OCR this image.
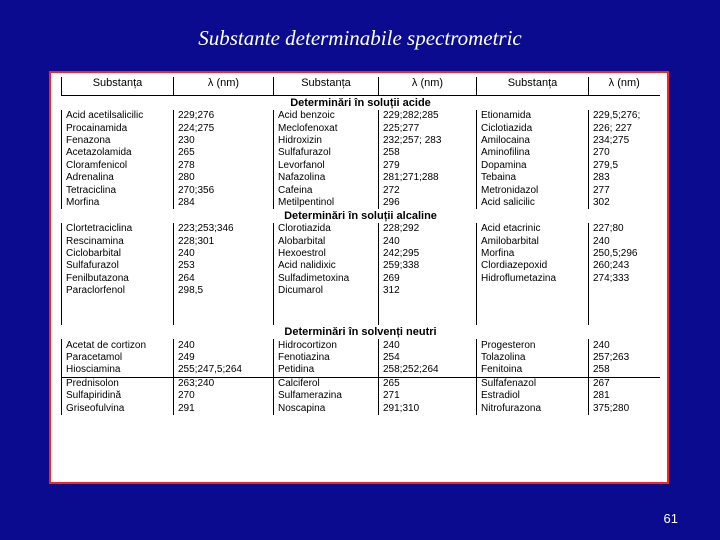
Substante determinabile spectrometric
Substanța	λ (nm)	Substanța	λ (nm)	Substanța	λ (nm)
Determinări în soluții acide					
Acid acetilsalicilic	229;276	Acid benzoic	229;282;285	Etionamida	229,5;276;
Procainamida	224;275	Meclofenoxat	225;277	Ciclotiazida	226; 227
Fenazona	230	Hidroxizin	232;257; 283	Amilocaina	234;275
Acetazolamida	265	Sulfafurazol	258	Aminofilina	270
Cloramfenicol	278	Levorfanol	279	Dopamina	279,5
Adrenalina	280	Nafazolina	281;271;288	Tebaina	283
Tetraciclina	270;356	Cafeina	272	Metronidazol	277
Morfina	284	Metilpentinol	296	Acid salicilic	302
Determinări în soluții alcaline					
Clortetraciclina	223;253;346	Clorotiazida	228;292	Acid etacrinic	227;80
Rescinamina	228;301	Alobarbital	240	Amilobarbital	240
Ciclobarbital	240	Hexoestrol	242;295	Morfina	250,5;296
Sulfafurazol	253	Acid nalidixic	259;338	Clordiazepoxid	260;243
Fenilbutazona	264	Sulfadimetoxina	269	Hidroflumetazina	274;333
Paraclorfenol	298,5	Dicumarol	312		

Determinări în solvenți neutri					
Acetat de cortizon	240	Hidrocortizon	240	Progesteron	240
Paracetamol	249	Fenotiazina	254	Tolazolina	257;263
Hiosciamina	255;247,5;264	Petidina	258;252;264	Fenitoina	258
Prednisolon	263;240	Calciferol	265	Sulfafenazol	267
Sulfapiridină	270	Sulfamerazina	271	Estradiol	281
Griseofulvina	291	Noscapina	291;310	Nitrofurazona	375;280
61
